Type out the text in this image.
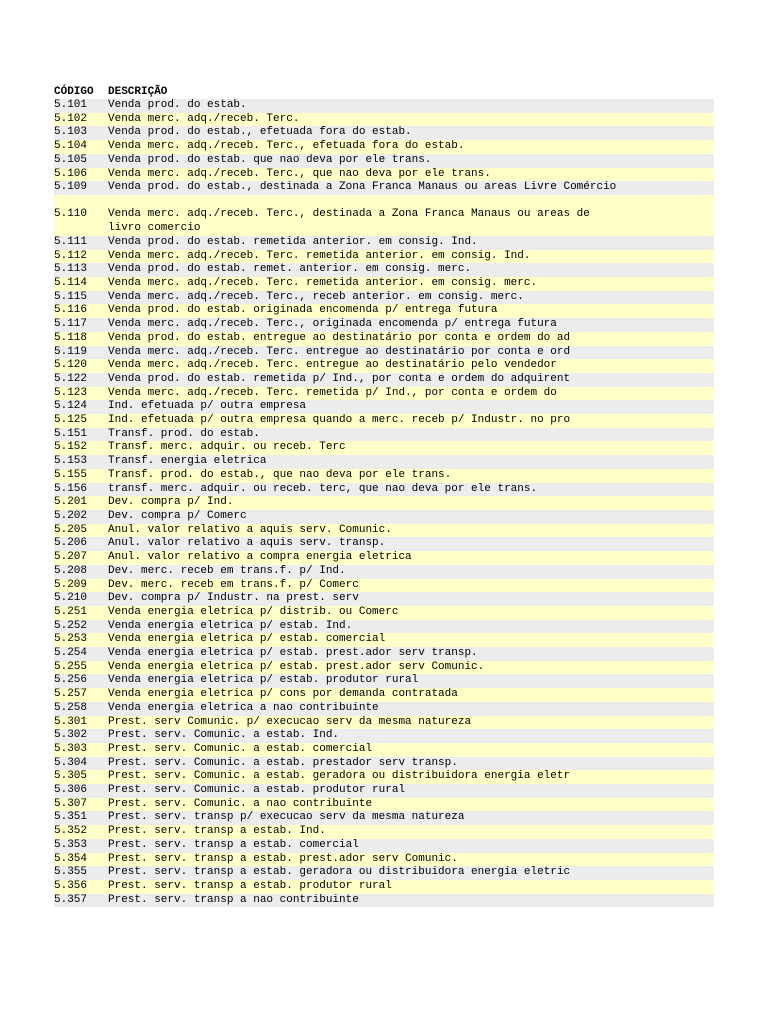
CÓDIGO	DESCRIÇÃO
5.101	Venda prod. do estab.
5.102	Venda merc. adq./receb. Terc.
5.103	Venda prod. do estab., efetuada fora do estab.
5.104	Venda merc. adq./receb. Terc., efetuada fora do estab.
5.105	Venda prod. do estab. que nao deva por ele trans.
5.106	Venda merc. adq./receb. Terc., que nao deva por ele trans.
5.109	Venda prod. do estab., destinada a Zona Franca Manaus ou areas Livre Comércio
5.110	Venda merc. adq./receb. Terc., destinada a Zona Franca Manaus ou areas de
livro comercio
5.111	Venda prod. do estab. remetida anterior. em consig. Ind.
5.112	Venda merc. adq./receb. Terc. remetida anterior. em consig. Ind.
5.113	Venda prod. do estab. remet. anterior. em consig. merc.
5.114	Venda merc. adq./receb. Terc. remetida anterior. em consig. merc.
5.115	Venda merc. adq./receb. Terc., receb anterior. em consig. merc.
5.116	Venda prod. do estab. originada encomenda p/ entrega futura
5.117	Venda merc. adq./receb. Terc., originada encomenda p/ entrega futura
5.118	Venda prod. do estab. entregue ao destinatário por conta e ordem do ad
5.119	Venda merc. adq./receb. Terc. entregue ao destinatário por conta e ord
5.120	Venda merc. adq./receb. Terc. entregue ao destinatário pelo vendedor
5.122	Venda prod. do estab. remetida p/ Ind., por conta e ordem do adquirent
5.123	Venda merc. adq./receb. Terc. remetida p/ Ind., por conta e ordem do
5.124	Ind. efetuada p/ outra empresa
5.125	Ind. efetuada p/ outra empresa quando a merc. receb p/ Industr. no pro
5.151	Transf. prod. do estab.
5.152	Transf. merc. adquir. ou receb. Terc
5.153	Transf. energia eletrica
5.155	Transf. prod. do estab., que nao deva por ele trans.
5.156	transf. merc. adquir. ou receb. terc, que nao deva por ele trans.
5.201	Dev. compra p/ Ind.
5.202	Dev. compra p/ Comerc
5.205	Anul. valor relativo a aquis serv. Comunic.
5.206	Anul. valor relativo a aquis serv. transp.
5.207	Anul. valor relativo a compra energia eletrica
5.208	Dev. merc. receb em trans.f. p/ Ind.
5.209	Dev. merc. receb em trans.f. p/ Comerc
5.210	Dev. compra p/ Industr. na prest. serv
5.251	Venda energia eletrica p/ distrib. ou Comerc
5.252	Venda energia eletrica p/ estab. Ind.
5.253	Venda energia eletrica p/ estab. comercial
5.254	Venda energia eletrica p/ estab. prest.ador serv transp.
5.255	Venda energia eletrica p/ estab. prest.ador serv Comunic.
5.256	Venda energia eletrica p/ estab. produtor rural
5.257	Venda energia eletrica p/ cons por demanda contratada
5.258	Venda energia eletrica a nao contribuinte
5.301	Prest. serv Comunic. p/ execucao serv da mesma natureza
5.302	Prest. serv. Comunic. a estab. Ind.
5.303	Prest. serv. Comunic. a estab. comercial
5.304	Prest. serv. Comunic. a estab. prestador serv transp.
5.305	Prest. serv. Comunic. a estab. geradora ou distribuidora energia eletr
5.306	Prest. serv. Comunic. a estab. produtor rural
5.307	Prest. serv. Comunic. a nao contribuinte
5.351	Prest. serv. transp p/ execucao serv da mesma natureza
5.352	Prest. serv. transp a estab. Ind.
5.353	Prest. serv. transp a estab. comercial
5.354	Prest. serv. transp a estab. prest.ador serv Comunic.
5.355	Prest. serv. transp a estab. geradora ou distribuidora energia eletric
5.356	Prest. serv. transp a estab. produtor rural
5.357	Prest. serv. transp a nao contribuinte
